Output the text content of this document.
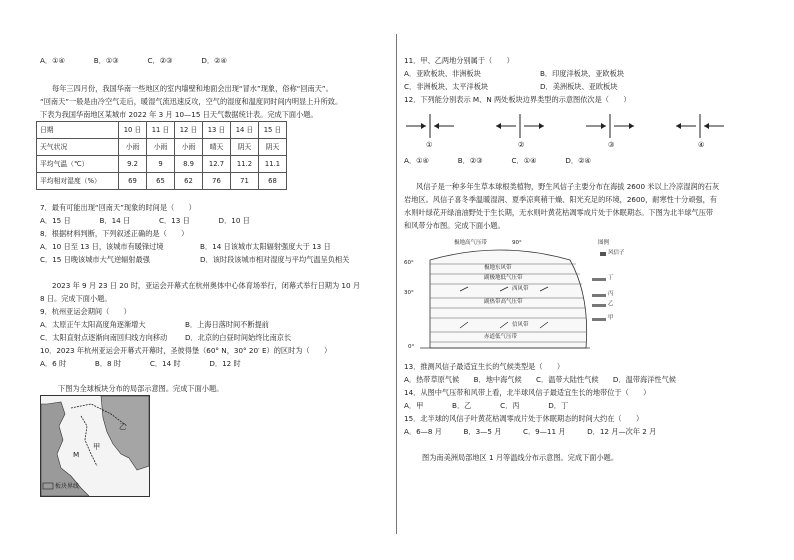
A．①④　　　　B．①③　　　　C．②③　　　　D．②④
每年三四月份，我国华南一些地区的室内墙壁和地面会出现“冒水”现象，俗称“回南天”。
“回南天”一般是由冷空气走后，暖湿气流迅速反攻，空气的湿度和温度同时间内明显上升所致。
下表为我国华南地区某城市 2022 年 3 月 10—15 日天气数据统计表。完成下面小题。
日期	10 日	11 日	12 日	13 日	14 日	15 日
天气状况	小雨	小雨	小雨	晴天	阴天	阴天
平均气温（℃）	9.2	9	8.9	12.7	11.2	11.1
平均相对湿度（%）	69	65	62	76	71	68
7．最有可能出现“回南天”现象的时间是（　　）
A．15 日　　　　B．14 日　　　　C．13 日　　　　D．10 日
8．根据材料判断，下列叙述正确的是（　　）
A．10 日至 13 日，该城市有暖锋过境	B．14 日该城市太阳辐射强度大于 13 日
C．15 日晚该城市大气逆辐射最强	D．该时段该城市相对湿度与平均气温呈负相关
2023 年 9 月 23 日 20 时，亚运会开幕式在杭州奥体中心体育场举行，闭幕式举行日期为 10 月
8 日。完成下面小题。
9．杭州亚运会期间（　　）
A．太原正午太阳高度角逐渐增大	B．上海日落时间不断提前
C．太阳直射点逐渐向南回归线方向移动 D．北京的白昼时间始终比南京长
10．2023 年杭州亚运会开幕式开幕时，圣彼得堡（60° N，30° 20′ E）的区时为（　　）
A．6 时　　　　B．8 时　　　　C．14 时　　　　D．12 时
下图为全球板块分布的局部示意图。完成下面小题。
甲
乙
M
板块界线
11．甲、乙两地分别属于（　　）
A．亚欧板块、非洲板块	B．印度洋板块、亚欧板块
C．非洲板块、太平洋板块	D．美洲板块、亚欧板块
12．下列能分别表示 M、N 两处板块边界类型的示意图依次是（　　）
①	②	③	④
A．①④　　　　B．②③　　　　C．①④　　　　D．②④
风信子是一种多年生草本球根类植物，野生风信子主要分布在海拔 2600 米以上冷凉湿润的石灰
岩地区。风信子喜冬季温暖湿润、夏季凉爽稍干燥、阳光充足的环境，2600，耐寒性十分顽强，有
水则叶绿花开绿油油野处于生长期，无水则叶黄花枯凋零成片处于休眠期态。下图为北半球气压带
和风带分布图。完成下面小题。
极地高气压带	90°
60°
30°
0°
极地东风带
副极地低气压带
西风带
副热带高气压带
信风带
赤道低气压带
图例
风信子
丁
丙
乙
甲
13．推测风信子最适宜生长的气候类型是（　　）
A．热带草原气候　　B．地中海气候　　C．温带大陆性气候　　D．温带海洋性气候
14．从图中气压带和风带上看，北半球风信子最适宜生长的地带位于（　　）
A．甲　　　　B．乙　　　　C．丙　　　　D．丁
15．北半球的风信子叶黄花枯凋零成片处于休眠期态的时间大约在（　　）
A．6—8 月　　　B．3—5 月　　　C．9—11 月　　　D．12 月—次年 2 月
图为南美洲局部地区 1 月等温线分布示意图。完成下面小题。
